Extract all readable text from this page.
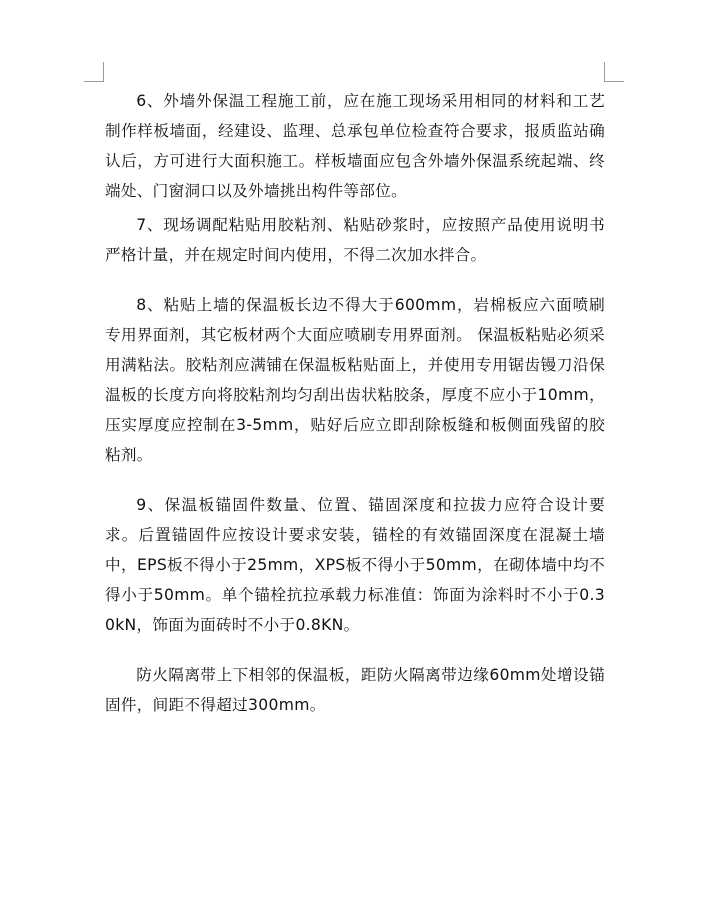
6、外墙外保温工程施工前，应在施工现场采用相同的材料和工艺制作样板墙面，经建设、监理、总承包单位检查符合要求，报质监站确认后，方可进行大面积施工。样板墙面应包含外墙外保温系统起端、终端处、门窗洞口以及外墙挑出构件等部位。

7、现场调配粘贴用胶粘剂、粘贴砂浆时，应按照产品使用说明书严格计量，并在规定时间内使用，不得二次加水拌合。

8、粘贴上墙的保温板长边不得大于600mm，岩棉板应六面喷刷专用界面剂，其它板材两个大面应喷刷专用界面剂。 保温板粘贴必须采用满粘法。胶粘剂应满铺在保温板粘贴面上，并使用专用锯齿镘刀沿保温板的长度方向将胶粘剂均匀刮出齿状粘胶条，厚度不应小于10mm，压实厚度应控制在3-5mm，贴好后应立即刮除板缝和板侧面残留的胶粘剂。

9、保温板锚固件数量、位置、锚固深度和拉拔力应符合设计要求。后置锚固件应按设计要求安装，锚栓的有效锚固深度在混凝土墙中，EPS板不得小于25mm，XPS板不得小于50mm，在砌体墙中均不得小于50mm。单个锚栓抗拉承载力标准值：饰面为涂料时不小于0.30kN，饰面为面砖时不小于0.8KN。

防火隔离带上下相邻的保温板，距防火隔离带边缘60mm处增设锚固件，间距不得超过300mm。
